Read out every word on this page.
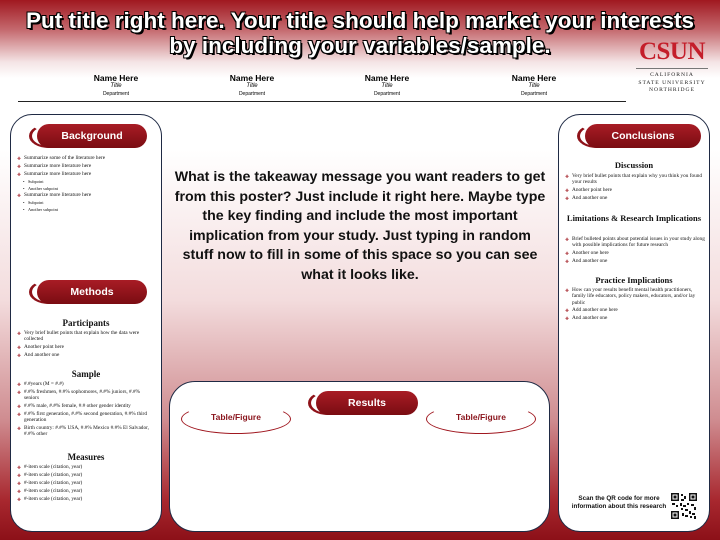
Put title right here. Your title should help market your interests by including your variables/sample.	CSUN
CALIFORNIA
STATE UNIVERSITY
NORTHRIDGE
Name Here
Title
Department
Name Here
Title
Department
Name Here
Title
Department
Name Here
Title
Department
Background
❖ Summarize some of the literature here
❖ Summarize more literature here
❖ Summarize more literature here
• Subpoint
• Another subpoint
❖ Summarize more literature here
• Subpoint
• Another subpoint
Methods
Participants
❖ Very brief bullet points that explain how the data were collected
❖ Another point here
❖ And another one
Sample
❖ #.#years (M = #.#)
❖ #.#% freshmen, #.#% sophomores, #.#% juniors, #.#% seniors
❖ #.#% male, #.#% female, #.# other gender identity
❖ #.#% first generation, #.#% second generation, #.#% third generation
❖ Birth country: #.#% USA, #.#% Mexico #.#% El Salvador, #.#% other
Measures
❖ #-item scale (citation, year)
❖ #-item scale (citation, year)
❖ #-item scale (citation, year)
❖ #-item scale (citation, year)
❖ #-item scale (citation, year)
What is the takeaway message you want readers to get from this poster? Just include it right here. Maybe type the key finding and include the most important implication from your study. Just typing in random stuff now to fill in some of this space so you can see what it looks like.
Results
Table/Figure	Table/Figure
Conclusions
Discussion
❖ Very brief bullet points that explain why you think you found your results
❖ Another point here
❖ And another one
Limitations & Research Implications
❖ Brief bulleted points about potential issues in your study along with possible implications for future research
❖ Another one here
❖ And another one
Practice Implications
❖ How can your results benefit mental health practitioners, family life educators, policy makers, educators, and/or lay public
❖ Add another one here
❖ And another one
Scan the QR code for more information about this research
